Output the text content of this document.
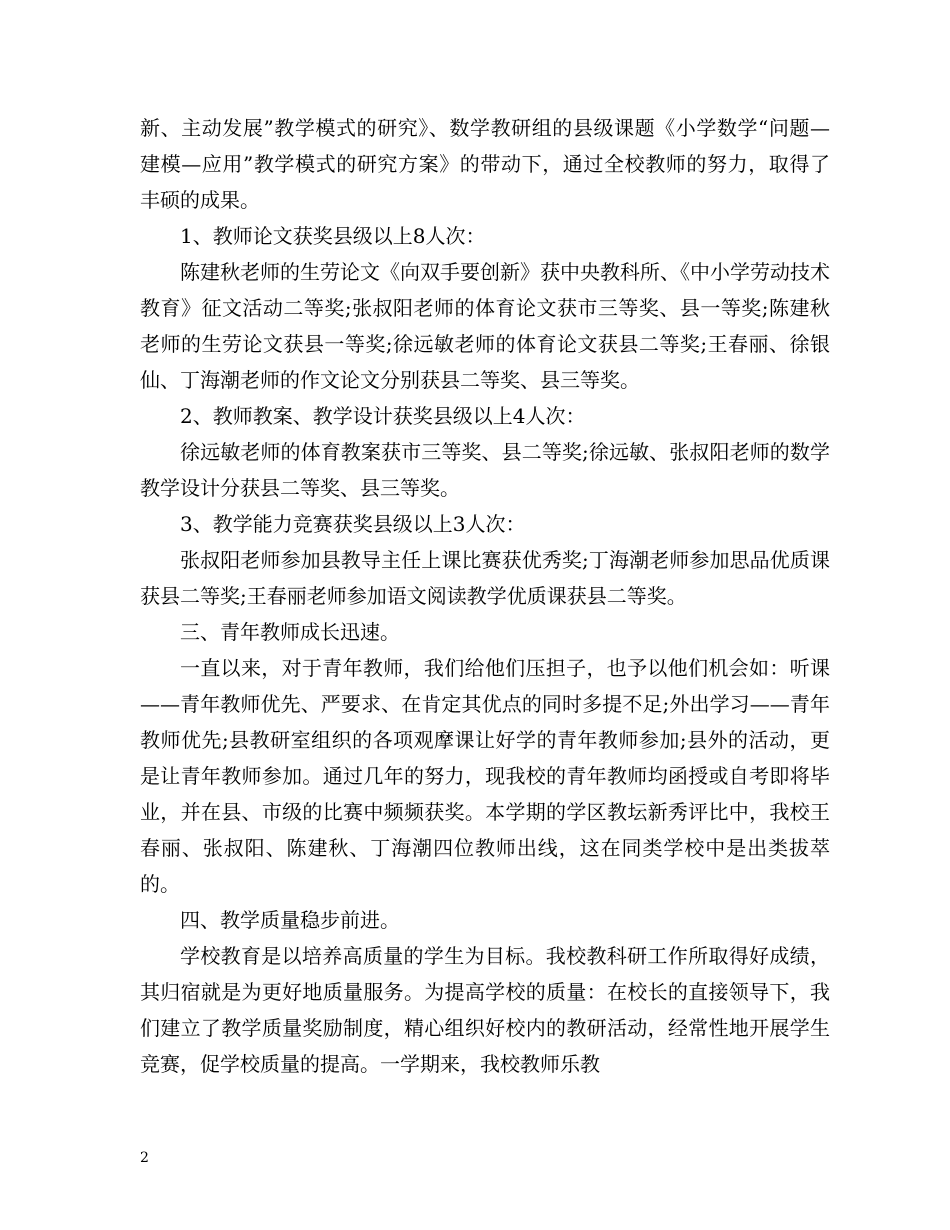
新、主动发展”教学模式的研究》、数学教研组的县级课题《小学数学“问题—建模—应用”教学模式的研究方案》的带动下，通过全校教师的努力，取得了丰硕的成果。

1、教师论文获奖县级以上8人次：

陈建秋老师的生劳论文《向双手要创新》获中央教科所、《中小学劳动技术教育》征文活动二等奖;张叔阳老师的体育论文获市三等奖、县一等奖;陈建秋老师的生劳论文获县一等奖;徐远敏老师的体育论文获县二等奖;王春丽、徐银仙、丁海潮老师的作文论文分别获县二等奖、县三等奖。

2、教师教案、教学设计获奖县级以上4人次：

徐远敏老师的体育教案获市三等奖、县二等奖;徐远敏、张叔阳老师的数学教学设计分获县二等奖、县三等奖。

3、教学能力竞赛获奖县级以上3人次：

张叔阳老师参加县教导主任上课比赛获优秀奖;丁海潮老师参加思品优质课获县二等奖;王春丽老师参加语文阅读教学优质课获县二等奖。

三、青年教师成长迅速。

一直以来，对于青年教师，我们给他们压担子，也予以他们机会如：听课——青年教师优先、严要求、在肯定其优点的同时多提不足;外出学习——青年教师优先;县教研室组织的各项观摩课让好学的青年教师参加;县外的活动，更是让青年教师参加。通过几年的努力，现我校的青年教师均函授或自考即将毕业，并在县、市级的比赛中频频获奖。本学期的学区教坛新秀评比中，我校王春丽、张叔阳、陈建秋、丁海潮四位教师出线，这在同类学校中是出类拔萃的。

四、教学质量稳步前进。

学校教育是以培养高质量的学生为目标。我校教科研工作所取得好成绩，其归宿就是为更好地质量服务。为提高学校的质量：在校长的直接领导下，我们建立了教学质量奖励制度，精心组织好校内的教研活动，经常性地开展学生竞赛，促学校质量的提高。一学期来，我校教师乐教

2
